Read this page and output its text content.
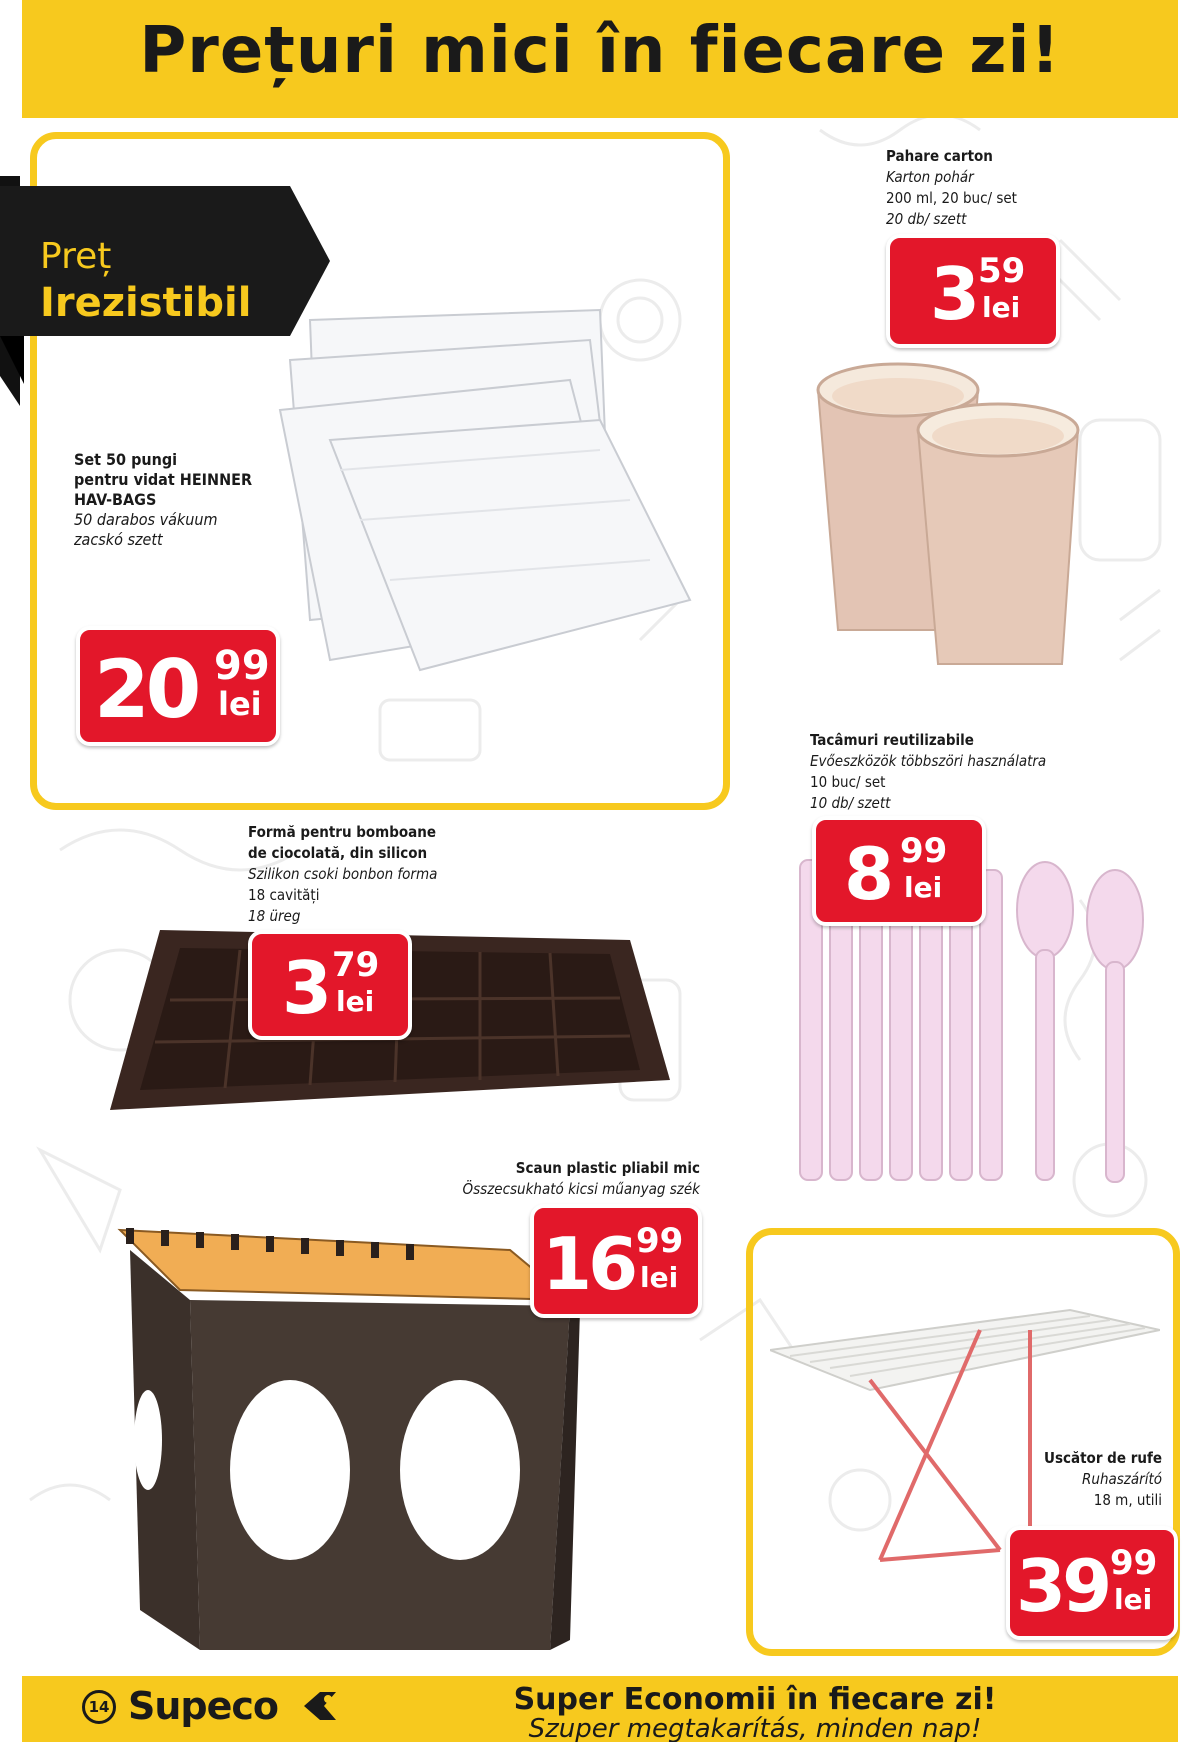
Prețuri mici în fiecare zi!
Preț
Irezistibil
Set 50 pungi
pentru vidat HEINNER
HAV-BAGS
50 darabos vákuum
zacskó szett
20 99
lei
Pahare carton
Karton pohár
200 ml, 20 buc/ set
20 db/ szett
3 59
lei
Tacâmuri reutilizabile
Evőeszközök többszöri használatra
10 buc/ set
10 db/ szett
8 99
lei
Formă pentru bomboane
de ciocolată, din silicon
Szilikon csoki bonbon forma
18 cavități
18 üreg
3 79
lei
Scaun plastic pliabil mic
Összecsukható kicsi műanyag szék
16 99
lei
Uscător de rufe
Ruhaszárító
18 m, utili
39 99
lei
14 Supeco	Super Economii în fiecare zi!
Szuper megtakarítás, minden nap!
